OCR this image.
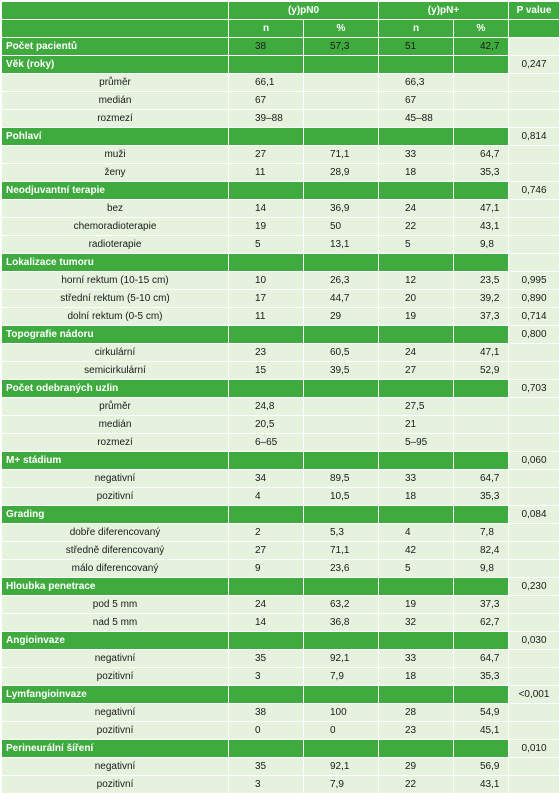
	(y)pN0		(y)pN+		P value
	n	%	n	%	
Počet pacientů	38	57,3	51	42,7	
Věk (roky)					0,247
průměr	66,1		66,3		
medián	67		67		
rozmezí	39–88		45–88		
Pohlaví					0,814
muži	27	71,1	33	64,7	
ženy	11	28,9	18	35,3	
Neodjuvantní terapie					0,746
bez	14	36,9	24	47,1	
chemoradioterapie	19	50	22	43,1	
radioterapie	5	13,1	5	9,8	
Lokalizace tumoru					
horní rektum (10-15 cm)	10	26,3	12	23,5	0,995
střední rektum (5-10 cm)	17	44,7	20	39,2	0,890
dolní rektum (0-5 cm)	11	29	19	37,3	0,714
Topografie nádoru					0,800
cirkulární	23	60,5	24	47,1	
semicirkulární	15	39,5	27	52,9	
Počet odebraných uzlin					0,703
průměr	24,8		27,5		
medián	20,5		21		
rozmezí	6–65		5–95		
M+ stádium					0,060
negativní	34	89,5	33	64,7	
pozitivní	4	10,5	18	35,3	
Grading					0,084
dobře diferencovaný	2	5,3	4	7,8	
středně diferencovaný	27	71,1	42	82,4	
málo diferencovaný	9	23,6	5	9,8	
Hloubka penetrace					0,230
pod 5 mm	24	63,2	19	37,3	
nad 5 mm	14	36,8	32	62,7	
Angioinvaze					0,030
negativní	35	92,1	33	64,7	
pozitivní	3	7,9	18	35,3	
Lymfangioinvaze					<0,001
negativní	38	100	28	54,9	
pozitivní	0	0	23	45,1	
Perineurální šíření					0,010
negativní	35	92,1	29	56,9	
pozitivní	3	7,9	22	43,1	
